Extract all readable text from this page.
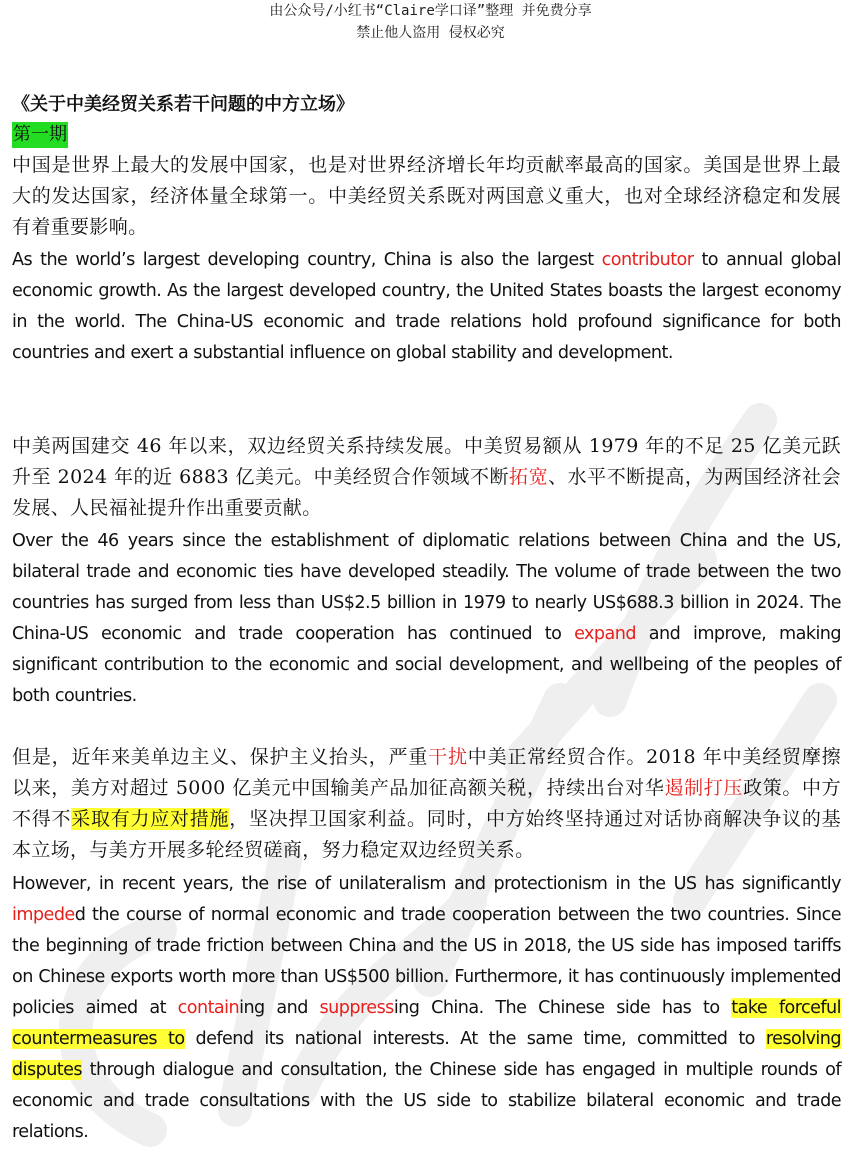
由公众号/小红书“Claire学口译”整理 并免费分享
禁止他人盗用 侵权必究
《关于中美经贸关系若干问题的中方立场》
第一期

中国是世界上最大的发展中国家，也是对世界经济增长年均贡献率最高的国家。美国是世界上最大的发达国家，经济体量全球第一。中美经贸关系既对两国意义重大，也对全球经济稳定和发展有着重要影响。

As the world’s largest developing country, China is also the largest contributor to annual global economic growth. As the largest developed country, the United States boasts the largest economy in the world. The China-US economic and trade relations hold profound significance for both countries and exert a substantial influence on global stability and development.

中美两国建交 46 年以来，双边经贸关系持续发展。中美贸易额从 1979 年的不足 25 亿美元跃升至 2024 年的近 6883 亿美元。中美经贸合作领域不断拓宽、水平不断提高，为两国经济社会发展、人民福祉提升作出重要贡献。

Over the 46 years since the establishment of diplomatic relations between China and the US, bilateral trade and economic ties have developed steadily. The volume of trade between the two countries has surged from less than US$2.5 billion in 1979 to nearly US$688.3 billion in 2024. The China-US economic and trade cooperation has continued to expand and improve, making significant contribution to the economic and social development, and wellbeing of the peoples of both countries.

但是，近年来美单边主义、保护主义抬头，严重干扰中美正常经贸合作。2018 年中美经贸摩擦以来，美方对超过 5000 亿美元中国输美产品加征高额关税，持续出台对华遏制打压政策。中方不得不采取有力应对措施，坚决捍卫国家利益。同时，中方始终坚持通过对话协商解决争议的基本立场，与美方开展多轮经贸磋商，努力稳定双边经贸关系。

However, in recent years, the rise of unilateralism and protectionism in the US has significantly impeded the course of normal economic and trade cooperation between the two countries. Since the beginning of trade friction between China and the US in 2018, the US side has imposed tariffs on Chinese exports worth more than US$500 billion. Furthermore, it has continuously implemented policies aimed at containing and suppressing China. The Chinese side has to take forceful countermeasures to defend its national interests. At the same time, committed to resolving disputes through dialogue and consultation, the Chinese side has engaged in multiple rounds of economic and trade consultations with the US side to stabilize bilateral economic and trade relations.
